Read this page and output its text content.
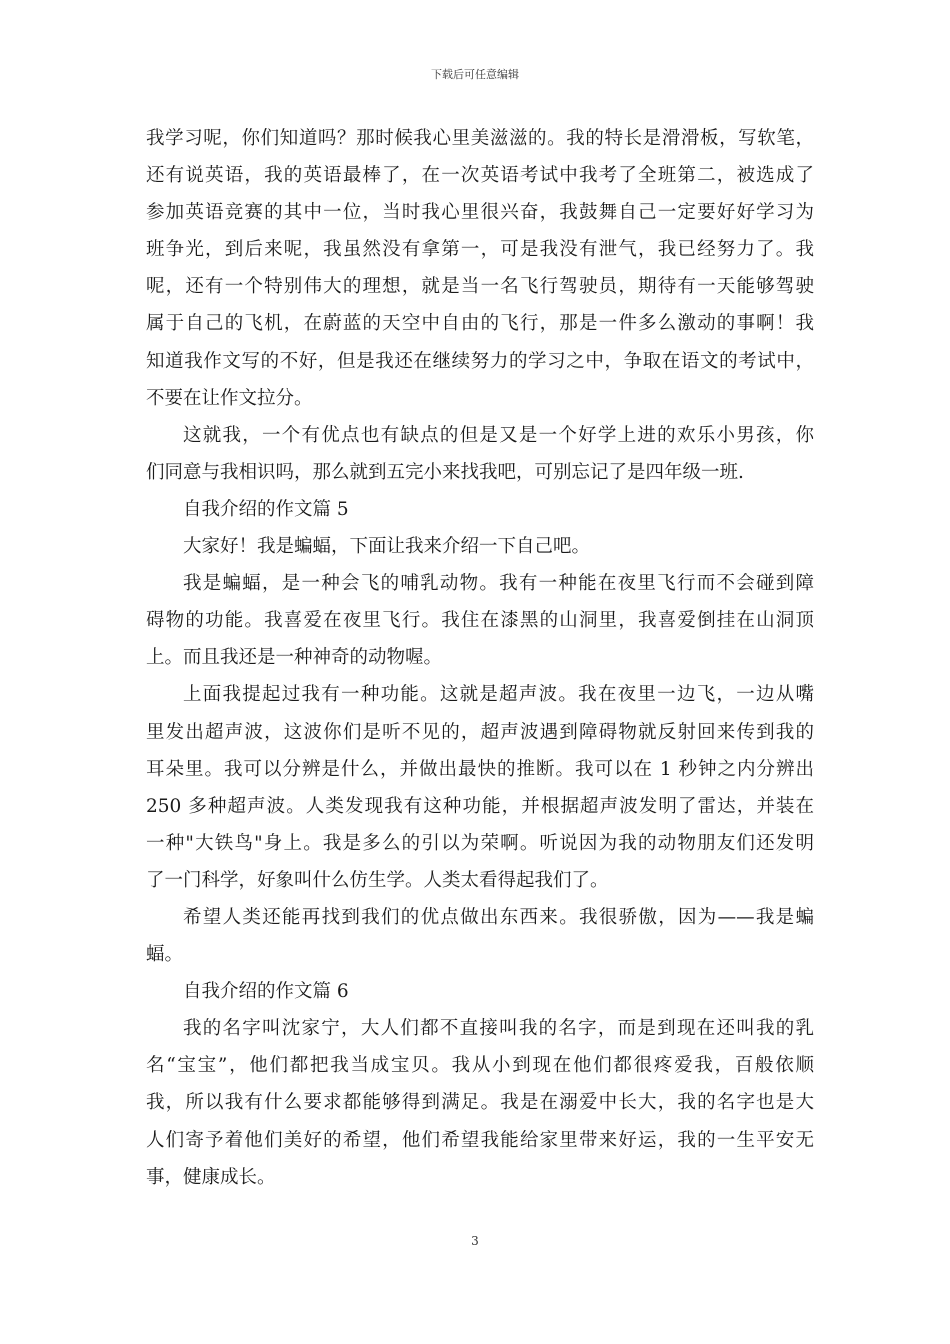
下载后可任意编辑
我学习呢，你们知道吗？那时候我心里美滋滋的。我的特长是滑滑板，写软笔，
还有说英语，我的英语最棒了，在一次英语考试中我考了全班第二，被选成了
参加英语竞赛的其中一位，当时我心里很兴奋，我鼓舞自己一定要好好学习为
班争光，到后来呢，我虽然没有拿第一，可是我没有泄气，我已经努力了。我
呢，还有一个特别伟大的理想，就是当一名飞行驾驶员，期待有一天能够驾驶
属于自己的飞机，在蔚蓝的天空中自由的飞行，那是一件多么激动的事啊！我
知道我作文写的不好，但是我还在继续努力的学习之中，争取在语文的考试中，
不要在让作文拉分。
这就我，一个有优点也有缺点的但是又是一个好学上进的欢乐小男孩，你
们同意与我相识吗，那么就到五完小来找我吧，可别忘记了是四年级一班.
自我介绍的作文篇 5
大家好！我是蝙蝠，下面让我来介绍一下自己吧。
我是蝙蝠，是一种会飞的哺乳动物。我有一种能在夜里飞行而不会碰到障
碍物的功能。我喜爱在夜里飞行。我住在漆黑的山洞里，我喜爱倒挂在山洞顶
上。而且我还是一种神奇的动物喔。
上面我提起过我有一种功能。这就是超声波。我在夜里一边飞，一边从嘴
里发出超声波，这波你们是听不见的，超声波遇到障碍物就反射回来传到我的
耳朵里。我可以分辨是什么，并做出最快的推断。我可以在 1 秒钟之内分辨出
250 多种超声波。人类发现我有这种功能，并根据超声波发明了雷达，并装在
一种"大铁鸟"身上。我是多么的引以为荣啊。听说因为我的动物朋友们还发明
了一门科学，好象叫什么仿生学。人类太看得起我们了。
希望人类还能再找到我们的优点做出东西来。我很骄傲，因为——我是蝙
蝠。
自我介绍的作文篇 6
我的名字叫沈家宁，大人们都不直接叫我的名字，而是到现在还叫我的乳
名“宝宝”，他们都把我当成宝贝。我从小到现在他们都很疼爱我，百般依顺
我，所以我有什么要求都能够得到满足。我是在溺爱中长大，我的名字也是大
人们寄予着他们美好的希望，他们希望我能给家里带来好运，我的一生平安无
事，健康成长。
3
